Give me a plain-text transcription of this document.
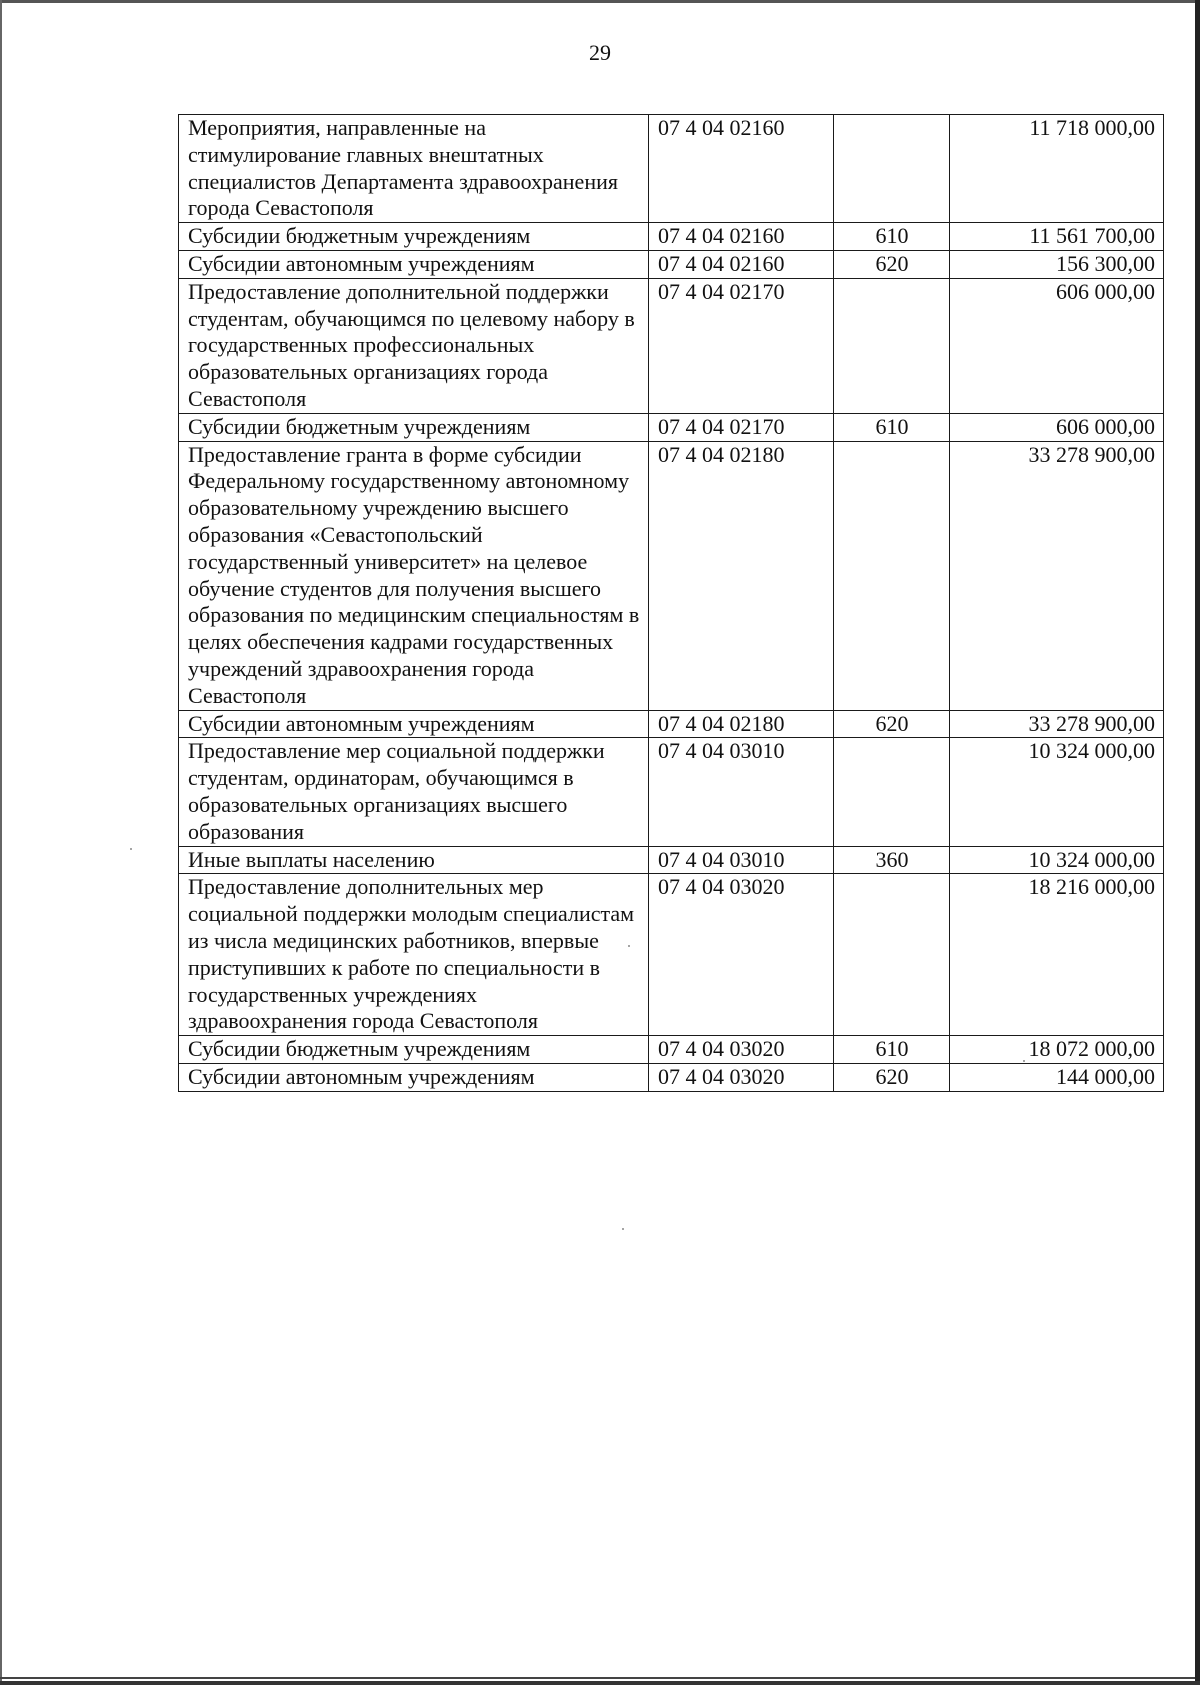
29
Мероприятия, направленные на стимулирование главных внештатных специалистов Департамента здравоохранения города Севастополя	07 4 04 02160		11 718 000,00
Субсидии бюджетным учреждениям	07 4 04 02160	610	11 561 700,00
Субсидии автономным учреждениям	07 4 04 02160	620	156 300,00
Предоставление дополнительной поддержки студентам, обучающимся по целевому набору в государственных профессиональных образовательных организациях города Севастополя	07 4 04 02170		606 000,00
Субсидии бюджетным учреждениям	07 4 04 02170	610	606 000,00
Предоставление гранта в форме субсидии Федеральному государственному автономному образовательному учреждению высшего образования «Севастопольский государственный университет» на целевое обучение студентов для получения высшего образования по медицинским специальностям в целях обеспечения кадрами государственных учреждений здравоохранения города Севастополя	07 4 04 02180		33 278 900,00
Субсидии автономным учреждениям	07 4 04 02180	620	33 278 900,00
Предоставление мер социальной поддержки студентам, ординаторам, обучающимся в образовательных организациях высшего образования	07 4 04 03010		10 324 000,00
Иные выплаты населению	07 4 04 03010	360	10 324 000,00
Предоставление дополнительных мер социальной поддержки молодым специалистам из числа медицинских работников, впервые приступивших к работе по специальности в государственных учреждениях здравоохранения города Севастополя	07 4 04 03020		18 216 000,00
Субсидии бюджетным учреждениям	07 4 04 03020	610	18 072 000,00
Субсидии автономным учреждениям	07 4 04 03020	620	144 000,00
